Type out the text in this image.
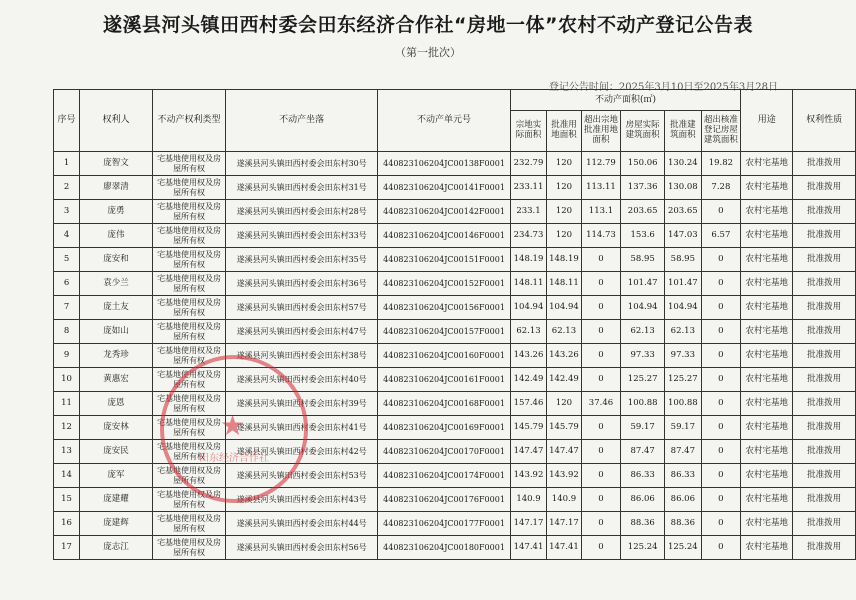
遂溪县河头镇田西村委会田东经济合作社“房地一体”农村不动产登记公告表
（第一批次）
登记公告时间：2025年3月10日至2025年3月28日
序号	权利人	不动产权利类型	不动产坐落	不动产单元号	不动产面积(㎡)						用途	权利性质
					宗地实际面积	批准用地面积	超出宗地批准用地面积	房屋实际建筑面积	批准建筑面积	超出核准登记房屋建筑面积		
1	庞智文	宅基地使用权及房屋所有权	遂溪县河头镇田西村委会田东村30号	440823106204JC00138F0001	232.79	120	112.79	150.06	130.24	19.82	农村宅基地	批准拨用
2	廖翠清	宅基地使用权及房屋所有权	遂溪县河头镇田西村委会田东村31号	440823106204JC00141F0001	233.11	120	113.11	137.36	130.08	7.28	农村宅基地	批准拨用
3	庞勇	宅基地使用权及房屋所有权	遂溪县河头镇田西村委会田东村28号	440823106204JC00142F0001	233.1	120	113.1	203.65	203.65	0	农村宅基地	批准拨用
4	庞伟	宅基地使用权及房屋所有权	遂溪县河头镇田西村委会田东村33号	440823106204JC00146F0001	234.73	120	114.73	153.6	147.03	6.57	农村宅基地	批准拨用
5	庞安和	宅基地使用权及房屋所有权	遂溪县河头镇田西村委会田东村35号	440823106204JC00151F0001	148.19	148.19	0	58.95	58.95	0	农村宅基地	批准拨用
6	袁少兰	宅基地使用权及房屋所有权	遂溪县河头镇田西村委会田东村36号	440823106204JC00152F0001	148.11	148.11	0	101.47	101.47	0	农村宅基地	批准拨用
7	庞土友	宅基地使用权及房屋所有权	遂溪县河头镇田西村委会田东村57号	440823106204JC00156F0001	104.94	104.94	0	104.94	104.94	0	农村宅基地	批准拨用
8	庞如山	宅基地使用权及房屋所有权	遂溪县河头镇田西村委会田东村47号	440823106204JC00157F0001	62.13	62.13	0	62.13	62.13	0	农村宅基地	批准拨用
9	龙秀珍	宅基地使用权及房屋所有权	遂溪县河头镇田西村委会田东村38号	440823106204JC00160F0001	143.26	143.26	0	97.33	97.33	0	农村宅基地	批准拨用
10	黄惠宏	宅基地使用权及房屋所有权	遂溪县河头镇田西村委会田东村40号	440823106204JC00161F0001	142.49	142.49	0	125.27	125.27	0	农村宅基地	批准拨用
11	庞恩	宅基地使用权及房屋所有权	遂溪县河头镇田西村委会田东村39号	440823106204JC00168F0001	157.46	120	37.46	100.88	100.88	0	农村宅基地	批准拨用
12	庞安林	宅基地使用权及房屋所有权	遂溪县河头镇田西村委会田东村41号	440823106204JC00169F0001	145.79	145.79	0	59.17	59.17	0	农村宅基地	批准拨用
13	庞安民	宅基地使用权及房屋所有权	遂溪县河头镇田西村委会田东村42号	440823106204JC00170F0001	147.47	147.47	0	87.47	87.47	0	农村宅基地	批准拨用
14	庞军	宅基地使用权及房屋所有权	遂溪县河头镇田西村委会田东村53号	440823106204JC00174F0001	143.92	143.92	0	86.33	86.33	0	农村宅基地	批准拨用
15	庞建耀	宅基地使用权及房屋所有权	遂溪县河头镇田西村委会田东村43号	440823106204JC00176F0001	140.9	140.9	0	86.06	86.06	0	农村宅基地	批准拨用
16	庞建辉	宅基地使用权及房屋所有权	遂溪县河头镇田西村委会田东村44号	440823106204JC00177F0001	147.17	147.17	0	88.36	88.36	0	农村宅基地	批准拨用
17	庞志江	宅基地使用权及房屋所有权	遂溪县河头镇田西村委会田东村56号	440823106204JC00180F0001	147.41	147.41	0	125.24	125.24	0	农村宅基地	批准拨用
★
田东经济合作社
